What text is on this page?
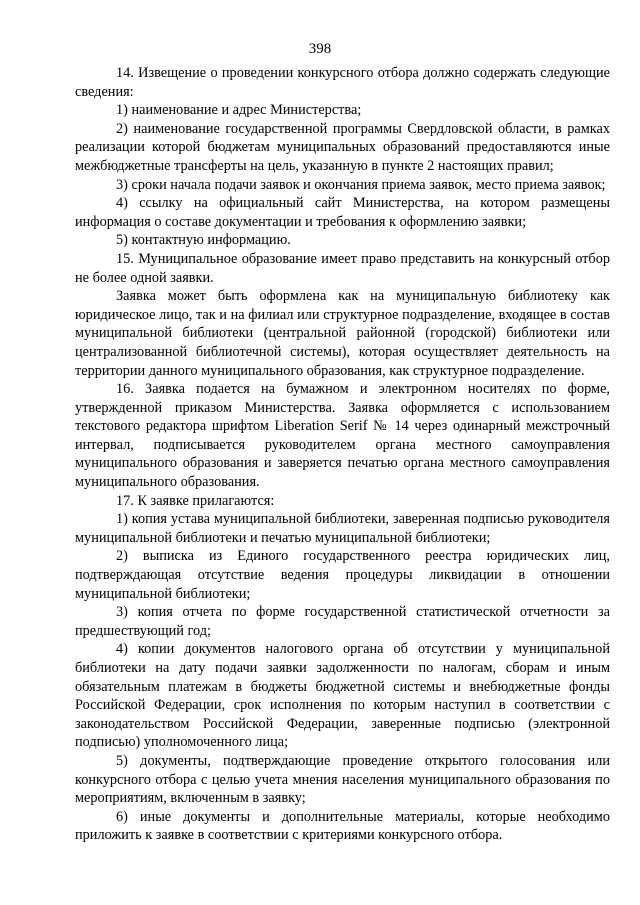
398

14. Извещение о проведении конкурсного отбора должно содержать следующие сведения:

1) наименование и адрес Министерства;

2) наименование государственной программы Свердловской области, в рамках реализации которой бюджетам муниципальных образований предоставляются иные межбюджетные трансферты на цель, указанную в пункте 2 настоящих правил;

3) сроки начала подачи заявок и окончания приема заявок, место приема заявок;

4) ссылку на официальный сайт Министерства, на котором размещены информация о составе документации и требования к оформлению заявки;

5) контактную информацию.

15. Муниципальное образование имеет право представить на конкурсный отбор не более одной заявки.

Заявка может быть оформлена как на муниципальную библиотеку как юридическое лицо, так и на филиал или структурное подразделение, входящее в состав муниципальной библиотеки (центральной районной (городской) библиотеки или централизованной библиотечной системы), которая осуществляет деятельность на территории данного муниципального образования, как структурное подразделение.

16. Заявка подается на бумажном и электронном носителях по форме, утвержденной приказом Министерства. Заявка оформляется с использованием текстового редактора шрифтом Liberation Serif № 14 через одинарный межстрочный интервал, подписывается руководителем органа местного самоуправления муниципального образования и заверяется печатью органа местного самоуправления муниципального образования.

17. К заявке прилагаются:

1) копия устава муниципальной библиотеки, заверенная подписью руководителя муниципальной библиотеки и печатью муниципальной библиотеки;

2) выписка из Единого государственного реестра юридических лиц, подтверждающая отсутствие ведения процедуры ликвидации в отношении муниципальной библиотеки;

3) копия отчета по форме государственной статистической отчетности за предшествующий год;

4) копии документов налогового органа об отсутствии у муниципальной библиотеки на дату подачи заявки задолженности по налогам, сборам и иным обязательным платежам в бюджеты бюджетной системы и внебюджетные фонды Российской Федерации, срок исполнения по которым наступил в соответствии с законодательством Российской Федерации, заверенные подписью (электронной подписью) уполномоченного лица;

5) документы, подтверждающие проведение открытого голосования или конкурсного отбора с целью учета мнения населения муниципального образования по мероприятиям, включенным в заявку;

6) иные документы и дополнительные материалы, которые необходимо приложить к заявке в соответствии с критериями конкурсного отбора.
